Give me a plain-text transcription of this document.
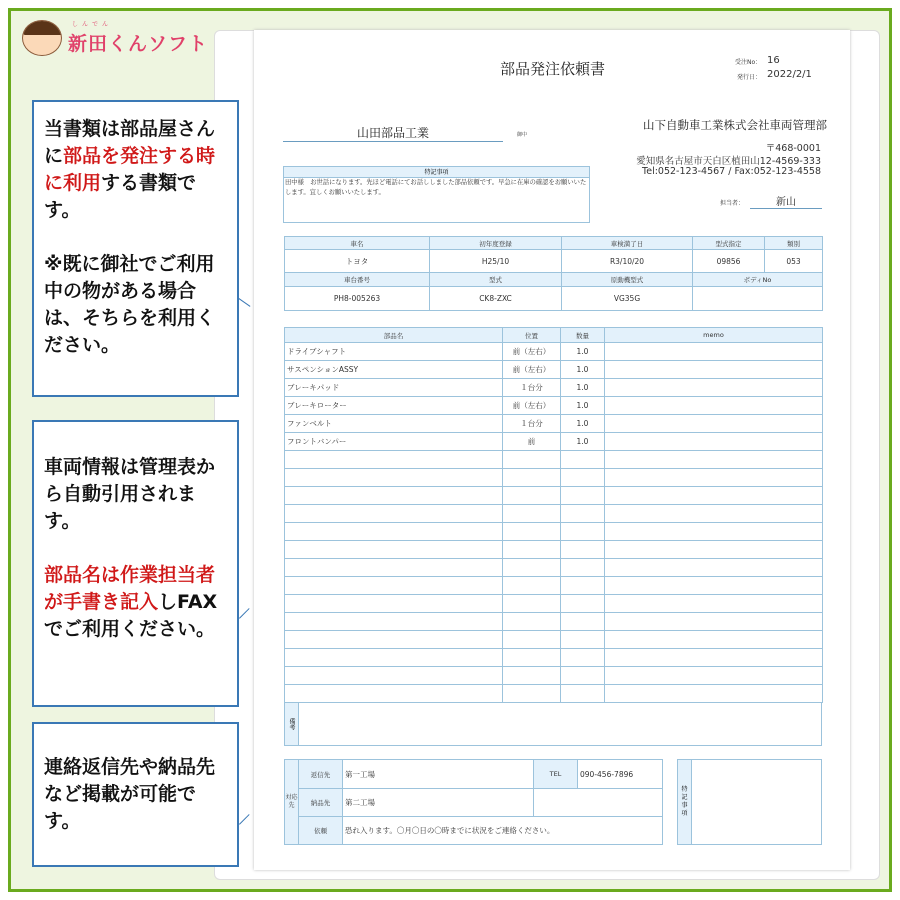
しんでん
新田くんソフト
当書類は部品屋さんに部品を発注する時に利用する書類です。
※既に御社でご利用中の物がある場合は、そちらを利用ください。
車両情報は管理表から自動引用されます。
部品名は作業担当者が手書き記入しFAXでご利用ください。
連絡返信先や納品先など掲載が可能です。
部品発注依頼書	受注No： 16
発行日： 2022/2/1
山田部品工業	御中
山下自動車工業株式会社車両管理部
〒468-0001
愛知県名古屋市天白区植田山12-4569-333
Tel:052-123-4567 / Fax:052-123-4558
担当者：	新山
特記事項
田中様　お世話になります。先ほど電話にてお話ししました部品依頼です。早急に在庫の確認をお願いいたします。宜しくお願いいたします。
車名	初年度登録	車検満了日	型式指定	類別
トヨタ	H25/10	R3/10/20	09856	053
車台番号	型式	原動機型式	ボディNo	
PH8-005263	CK8-ZXC	VG35G		
部品名	位置	数量	memo
ドライブシャフト	前（左右）	1.0	
サスペンションASSY	前（左右）	1.0	
ブレーキパッド	１台分	1.0	
ブレーキローター	前（左右）	1.0	
ファンベルト	１台分	1.0	
フロントバンパー	前	1.0	

備考
対応先	返信先	第一工場	TEL	090-456-7896
	納品先	第二工場		
	依頼	恐れ入ります。〇月〇日の〇時までに状況をご連絡ください。		
特記事項
